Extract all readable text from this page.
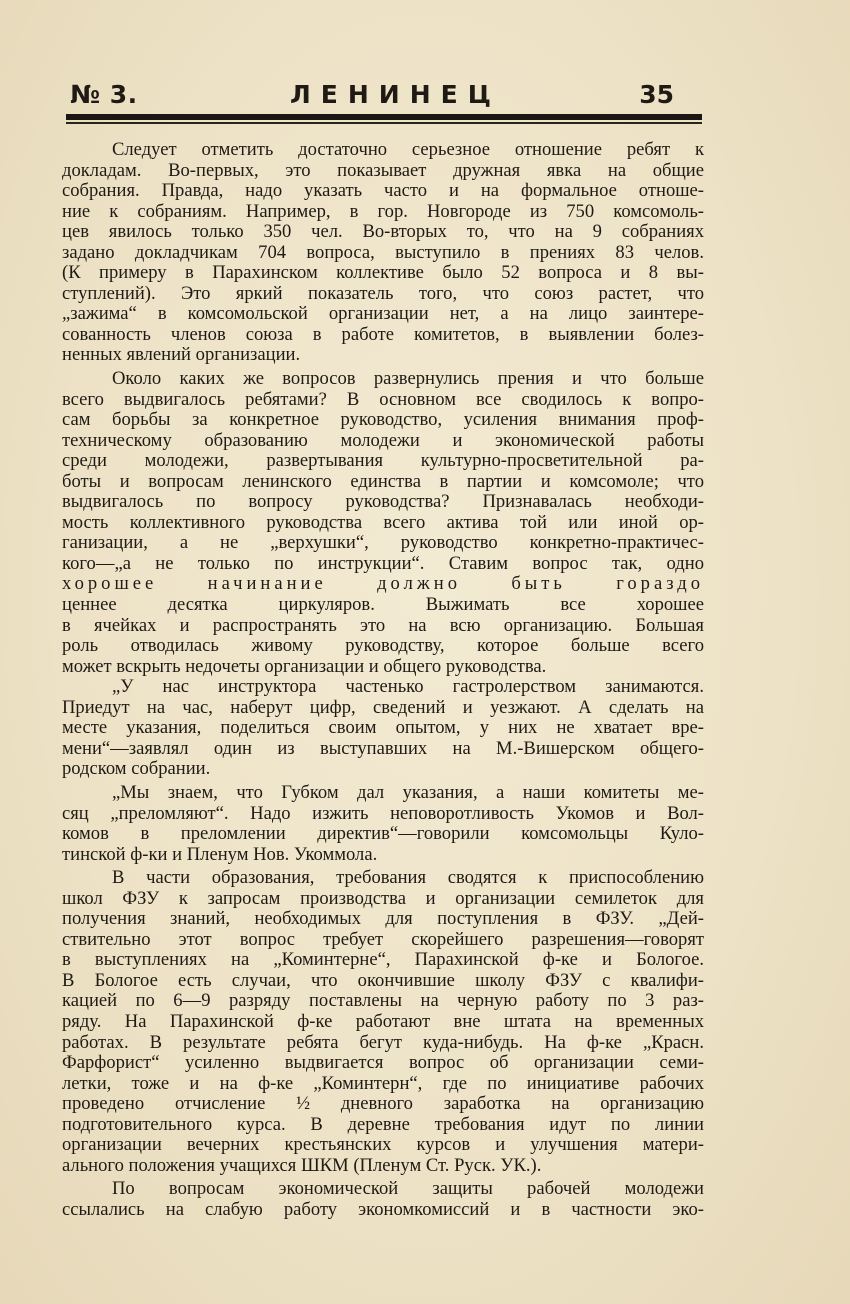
№ 3.	ЛЕНИНЕЦ	35
Следует отметить достаточно серьезное отношение ребят к
докладам. Во-первых, это показывает дружная явка на общие
собрания. Правда, надо указать часто и на формальное отноше-
ние к собраниям. Например, в гор. Новгороде из 750 комсомоль-
цев явилось только 350 чел. Во-вторых то, что на 9 собраниях
задано докладчикам 704 вопроса, выступило в прениях 83 челов.
(К примеру в Парахинском коллективе было 52 вопроса и 8 вы-
ступлений). Это яркий показатель того, что союз растет, что
„зажима“ в комсомольской организации нет, а на лицо заинтере-
сованность членов союза в работе комитетов, в выявлении болез-
ненных явлений организации.
Около каких же вопросов развернулись прения и что больше
всего выдвигалось ребятами? В основном все сводилось к вопро-
сам борьбы за конкретное руководство, усиления внимания проф-
техническому образованию молодежи и экономической работы
среди молодежи, развертывания культурно-просветительной ра-
боты и вопросам ленинского единства в партии и комсомоле; что
выдвигалось по вопросу руководства? Признавалась необходи-
мость коллективного руководства всего актива той или иной ор-
ганизации, а не „верхушки“, руководство конкретно-практичес-
кого—„а не только по инструкции“. Ставим вопрос так, одно
хорошее начинание должно быть гораздо
ценнее десятка циркуляров. Выжимать все хорошее
в ячейках и распространять это на всю организацию. Большая
роль отводилась живому руководству, которое больше всего
может вскрыть недочеты организации и общего руководства.
„У нас инструктора частенько гастролерством занимаются.
Приедут на час, наберут цифр, сведений и уезжают. А сделать на
месте указания, поделиться своим опытом, у них не хватает вре-
мени“—заявлял один из выступавших на М.-Вишерском общего-
родском собрании.
„Мы знаем, что Губком дал указания, а наши комитеты ме-
сяц „преломляют“. Надо изжить неповоротливость Укомов и Вол-
комов в преломлении директив“—говорили комсомольцы Куло-
тинской ф-ки и Пленум Нов. Укоммола.
В части образования, требования сводятся к приспособлению
школ ФЗУ к запросам производства и организации семилеток для
получения знаний, необходимых для поступления в ФЗУ. „Дей-
ствительно этот вопрос требует скорейшего разрешения—говорят
в выступлениях на „Коминтерне“, Парахинской ф-ке и Бологое.
В Бологое есть случаи, что окончившие школу ФЗУ с квалифи-
кацией по 6—9 разряду поставлены на черную работу по 3 раз-
ряду. На Парахинской ф-ке работают вне штата на временных
работах. В результате ребята бегут куда-нибудь. На ф-ке „Красн.
Фарфорист“ усиленно выдвигается вопрос об организации семи-
летки, тоже и на ф-ке „Коминтерн“, где по инициативе рабочих
проведено отчисление ½ дневного заработка на организацию
подготовительного курса. В деревне требования идут по линии
организации вечерних крестьянских курсов и улучшения матери-
ального положения учащихся ШКМ (Пленум Ст. Руск. УК.).
По вопросам экономической защиты рабочей молодежи
ссылались на слабую работу экономкомиссий и в частности эко-
